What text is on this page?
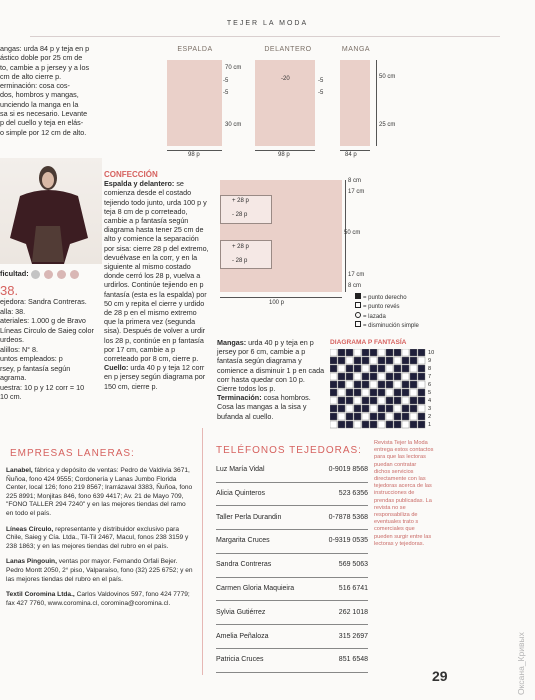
TEJER LA MODA
angas: urda 84 p y teja en p
ástico doble por 25 cm de
to, cambie a p jersey y a los
cm de alto cierre p.
erminación: cosa cos-
dos, hombros y mangas,
unciendo la manga en la
sa si es necesario. Levante
p del cuello y teja en elás-
o simple por 12 cm de alto.
ESPALDA	DELANTERO	MANGA
70 cm
30 cm
-5
-5
98 p
-20	-5
-5
98 p
50 cm
25 cm
84 p
ficultad:
38.
ejedora: Sandra Contreras.
alla: 38.
ateriales: 1.000 g de Bravo
Líneas Circulo de Saieg color
urdeos.
alillos: N° 8.
untos empleados: p
rsey, p fantasía según
agrama.
uestra: 10 p y 12 corr = 10
10 cm.
CONFECCIÓN
Espalda y delantero: se comienza desde el costado tejiendo todo junto, urda 100 p y teja 8 cm de p correteado, cambie a p fantasía según diagrama hasta tener 25 cm de alto y comience la separación por sisa: cierre 28 p del extremo, devuélvase en la corr, y en la siguiente al mismo costado donde cerró los 28 p, vuelva a urdirlos. Continúe tejiendo en p fantasía (esta es la espalda) por 50 cm y repita el cierre y urdido de 28 p en el mismo extremo que la primera vez (segunda sisa). Después de volver a urdir los 28 p, continúe en p fantasía por 17 cm, cambie a p correteado por 8 cm, cierre p.
Cuello: urda 40 p y teja 12 corr en p jersey según diagrama por 150 cm, cierre p.
+ 28 p
- 28 p
+ 28 p
- 28 p
8 cm
17 cm
50 cm
17 cm
8 cm
100 p
= punto derecho
= punto revés
= lazada
= disminución simple
Mangas: urda 40 p y teja en p jersey por 6 cm, cambie a p fantasía según diagrama y comience a disminuir 1 p en cada corr hasta quedar con 10 p. Cierre todos los p.
Terminación: cosa hombros. Cosa las mangas a la sisa y bufanda al cuello.
DIAGRAMA P FANTASÍA
10
9
8
7
6
5
4
3
2
1
EMPRESAS LANERAS:

Lanabel, fábrica y depósito de ventas: Pedro de Valdivia 3671, Ñuñoa, fono 424 9555; Cordonería y Lanas Jumbo Florida Center, local 126; fono 219 8567; Irarrázaval 3383, Ñuñoa, fono 225 8991; Monjitas 846, fono 639 4417; Av. 21 de Mayo 709, "FONO TALLER 294 7240" y en las mejores tiendas del ramo en todo el país.

Líneas Círculo, representante y distribuidor exclusivo para Chile, Saieg y Cía. Ltda., Til-Til 2467, Macul, fonos 238 3159 y 238 1863; y en las mejores tiendas del rubro en el país.

Lanas Pingouin, ventas por mayor. Fernando Orfali Bejer. Pedro Montt 2050, 2° piso, Valparaíso, fono (32) 225 6752; y en las mejores tiendas del rubro en el país.

Textil Coromina Ltda., Carlos Valdovinos 597, fono 424 7779; fax 427 7760, www.coromina.cl, coromina@coromina.cl.

TELÉFONOS TEJEDORAS:
Luz María Vidal	0-9019 8568
Alicia Quinteros	523 6356
Taller Perla Durandin	0-7878 5368
Margarita Cruces	0-9319 0535
Sandra Contreras	569 5063
Carmen Gloria Maquieira	516 6741
Sylvia Gutiérrez	262 1018
Amelia Peñaloza	315 2697
Patricia Cruces	851 6548
Revista Tejer la Moda entrega estos contactos para que las lectoras puedan contratar dichos servicios directamente con las tejedoras acerca de las instrucciones de prendas publicadas. La revista no se responsabiliza de eventuales trato s comerciales que pueden surgir entre las lectoras y tejedoras.
29	Оксана_Кривых
